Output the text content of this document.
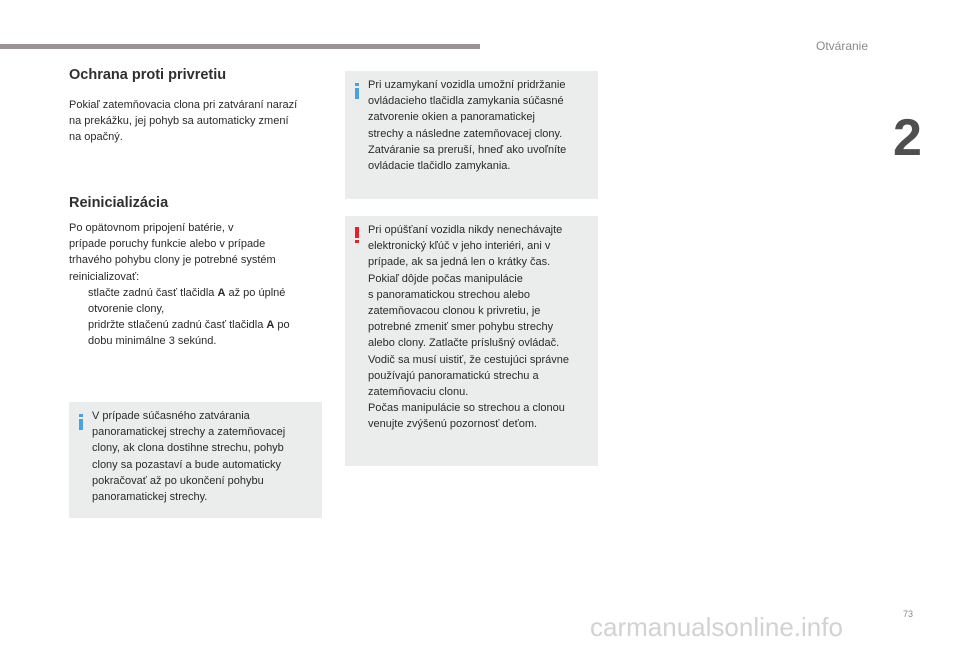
Otváranie
2
Ochrana proti privretiu
Pokiaľ zatemňovacia clona pri zatváraní narazí
na prekážku, jej pohyb sa automaticky zmení
na opačný.
Reinicializácia
Po opätovnom pripojení batérie, v
prípade poruchy funkcie alebo v prípade
trhavého pohybu clony je potrebné systém
reinicializovať:
stlačte zadnú časť tlačidla A až po úplné
otvorenie clony,
pridržte stlačenú zadnú časť tlačidla A po
dobu minimálne 3 sekúnd.
V prípade súčasného zatvárania
panoramatickej strechy a zatemňovacej
clony, ak clona dostihne strechu, pohyb
clony sa pozastaví a bude automaticky
pokračovať až po ukončení pohybu
panoramatickej strechy.
Pri uzamykaní vozidla umožní pridržanie
ovládacieho tlačidla zamykania súčasné
zatvorenie okien a panoramatickej
strechy a následne zatemňovacej clony.
Zatváranie sa preruší, hneď ako uvoľníte
ovládacie tlačidlo zamykania.
Pri opúšťaní vozidla nikdy nenechávajte
elektronický kľúč v jeho interiéri, ani v
prípade, ak sa jedná len o krátky čas.
Pokiaľ dôjde počas manipulácie
s panoramatickou strechou alebo
zatemňovacou clonou k privretiu, je
potrebné zmeniť smer pohybu strechy
alebo clony. Zatlačte príslušný ovládač.
Vodič sa musí uistiť, že cestujúci správne
používajú panoramatickú strechu a
zatemňovaciu clonu.
Počas manipulácie so strechou a clonou
venujte zvýšenú pozornosť deťom.
73
carmanualsonline.info
